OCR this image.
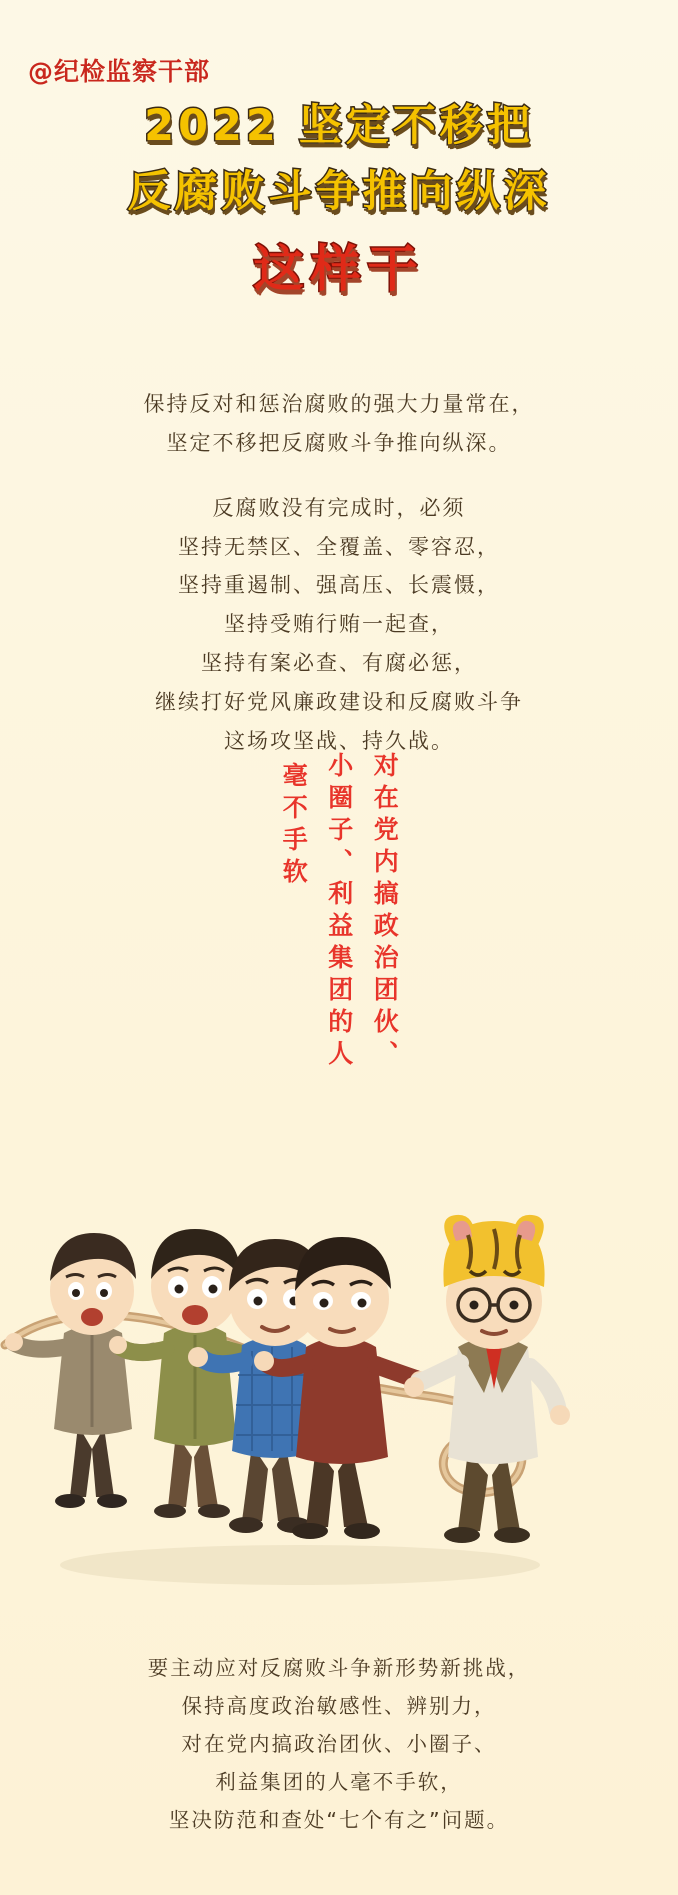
@纪检监察干部
2022 坚定不移把
反腐败斗争推向纵深
这样干

保持反对和惩治腐败的强大力量常在，

坚定不移把反腐败斗争推向纵深。

反腐败没有完成时，必须

坚持无禁区、全覆盖、零容忍，

坚持重遏制、强高压、长震慑，

坚持受贿行贿一起查，

坚持有案必查、有腐必惩，

继续打好党风廉政建设和反腐败斗争

这场攻坚战、持久战。

毫不手软 小圈子、利益集团的人 对在党内搞政治团伙、

要主动应对反腐败斗争新形势新挑战，

保持高度政治敏感性、辨别力，

对在党内搞政治团伙、小圈子、

利益集团的人毫不手软，

坚决防范和查处“七个有之”问题。
